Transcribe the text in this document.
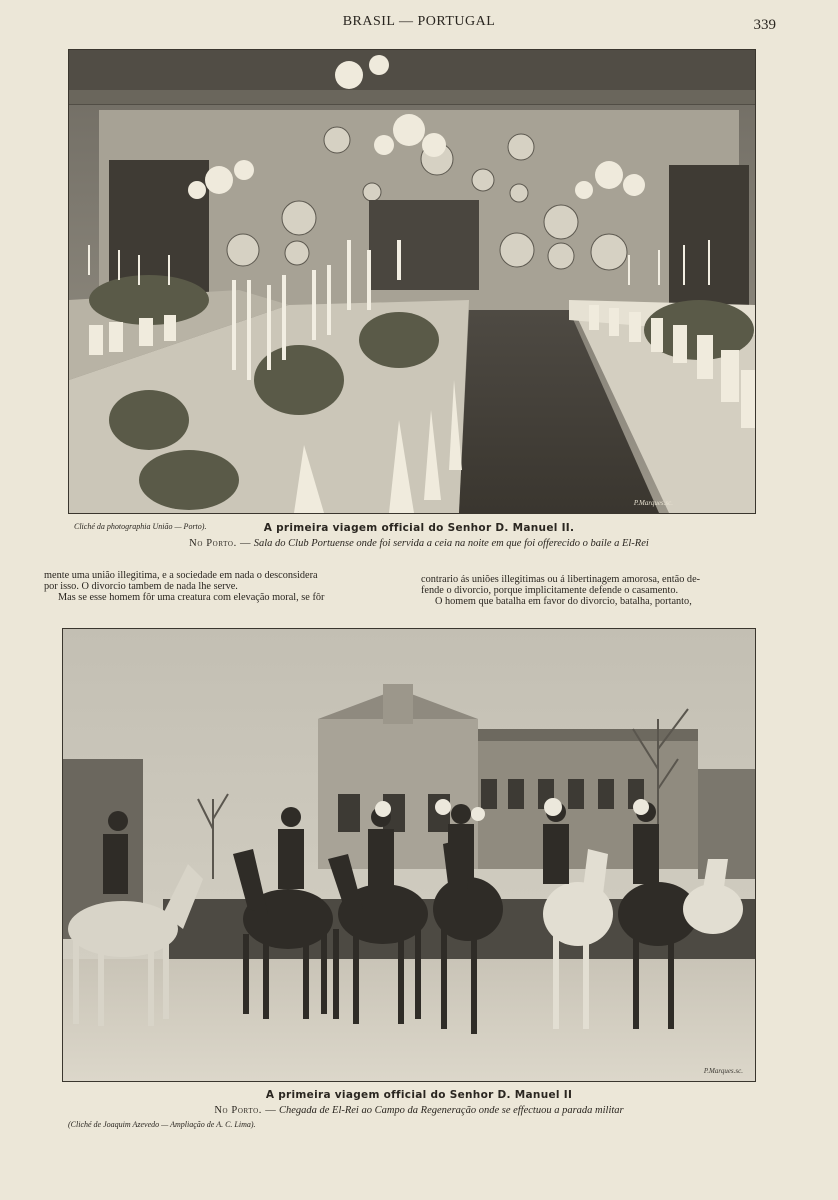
BRASIL — PORTUGAL	339
P.Marques.sc.
Cliché da photographia União — Porto).	A primeira viagem official do Senhor D. Manuel II.
No Porto. — Sala do Club Portuense onde foi servida a ceia na noite em que foi offerecido o baile a El-Rei

mente uma união illegitima, e a sociedade em nada o desconsidera

por isso. O divorcio tambem de nada lhe serve.

Mas se esse homem fôr uma creatura com elevação moral, se fôr

contrario ás uniões illegitimas ou á libertinagem amorosa, então de-

fende o divorcio, porque implicitamente defende o casamento.

O homem que batalha em favor do divorcio, batalha, portanto,

P.Marques.sc.
A primeira viagem official do Senhor D. Manuel II
No Porto. — Chegada de El-Rei ao Campo da Regeneração onde se effectuou a parada militar
(Cliché de Joaquim Azevedo — Ampliação de A. C. Lima).
